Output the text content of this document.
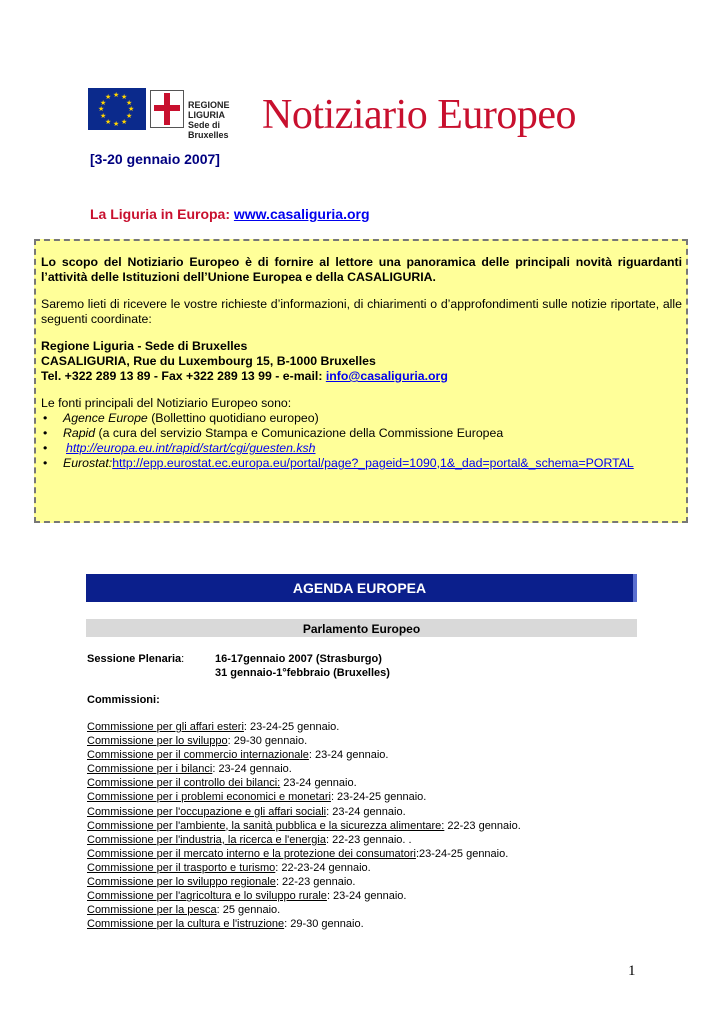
★ ★
★
★
★
★
★
★
★
★
★
★
REGIONE LIGURIA
Sede di Bruxelles Notiziario Europeo
[3-20 gennaio 2007]
La Liguria in Europa: www.casaliguria.org

Lo scopo del Notiziario Europeo è di fornire al lettore una panoramica delle principali novità riguardanti l’attività delle Istituzioni dell’Unione Europea e della CASALIGURIA.

Saremo lieti di ricevere le vostre richieste d’informazioni, di chiarimenti o d’approfondimenti sulle notizie riportate, alle seguenti coordinate:

Regione Liguria - Sede di Bruxelles

CASALIGURIA, Rue du Luxembourg 15, B-1000 Bruxelles

Tel. +322 289 13 89 - Fax +322 289 13 99 - e-mail: info@casaliguria.org

Le fonti principali del Notiziario Europeo sono:

• Agence Europe (Bollettino quotidiano europeo)
• Rapid (a cura del servizio Stampa e Comunicazione della Commissione Europea
• http://europa.eu.int/rapid/start/cgi/guesten.ksh
• Eurostat:http://epp.eurostat.ec.europa.eu/portal/page?_pageid=1090,1&_dad=portal&_schema=PORTAL
AGENDA EUROPEA
Parlamento Europeo
Sessione Plenaria:	16-17gennaio 2007 (Strasburgo)
31 gennaio-1°febbraio (Bruxelles)
Commissioni:
Commissione per gli affari esteri: 23-24-25 gennaio.
Commissione per lo sviluppo: 29-30 gennaio.
Commissione per il commercio internazionale: 23-24 gennaio.
Commissione per i bilanci: 23-24 gennaio.
Commissione per il controllo dei bilanci: 23-24 gennaio.
Commissione per i problemi economici e monetari: 23-24-25 gennaio.
Commissione per l'occupazione e gli affari sociali: 23-24 gennaio.
Commissione per l'ambiente, la sanità pubblica e la sicurezza alimentare: 22-23 gennaio.
Commissione per l'industria, la ricerca e l'energia: 22-23 gennaio. .
Commissione per il mercato interno e la protezione dei consumatori:23-24-25 gennaio.
Commissione per il trasporto e turismo: 22-23-24 gennaio.
Commissione per lo sviluppo regionale: 22-23 gennaio.
Commissione per l'agricoltura e lo sviluppo rurale: 23-24 gennaio.
Commissione per la pesca: 25 gennaio.
Commissione per la cultura e l'istruzione: 29-30 gennaio.
1
